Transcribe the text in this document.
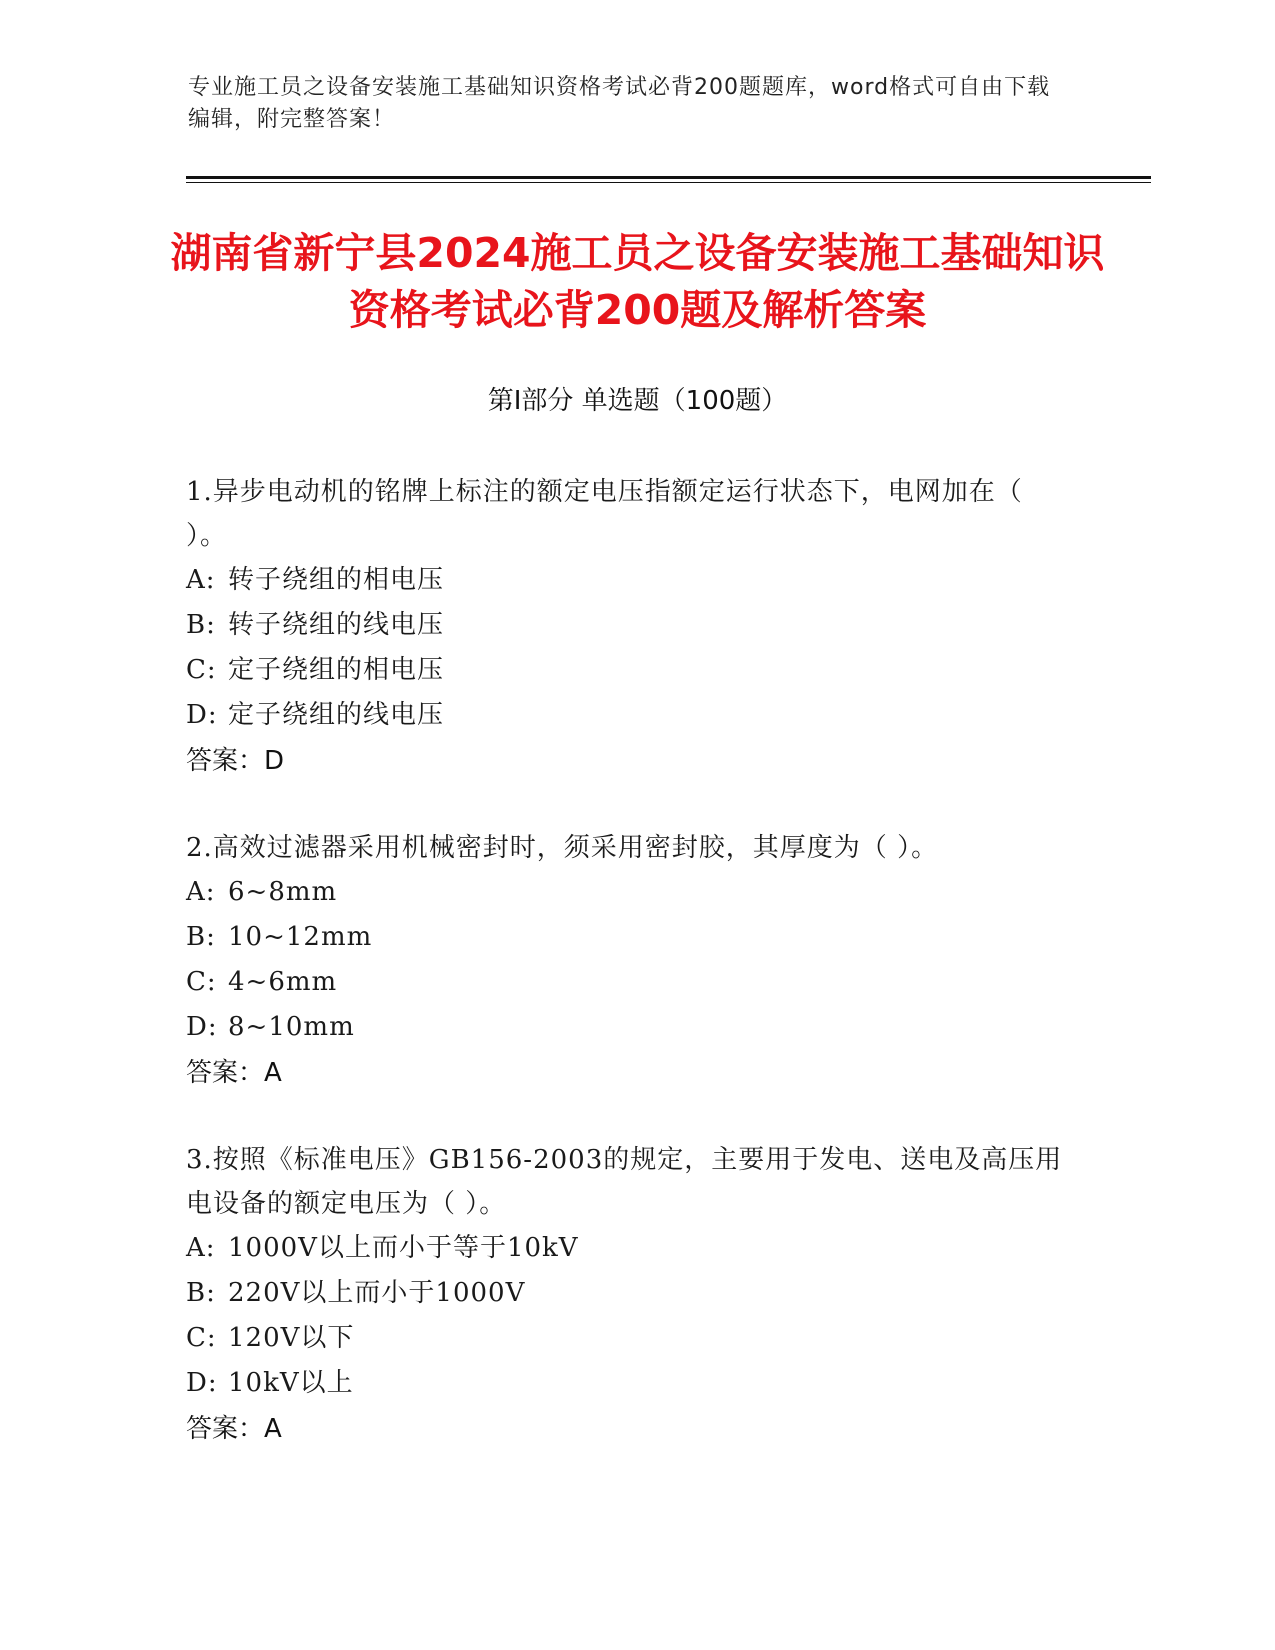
专业施工员之设备安装施工基础知识资格考试必背200题题库，word格式可自由下载编辑，附完整答案！
湖南省新宁县2024施工员之设备安装施工基础知识资格考试必背200题及解析答案
第I部分 单选题（100题）
1.异步电动机的铭牌上标注的额定电压指额定运行状态下，电网加在（ ）。
A: 转子绕组的相电压
B: 转子绕组的线电压
C: 定子绕组的相电压
D: 定子绕组的线电压
答案：D
2.高效过滤器采用机械密封时，须采用密封胶，其厚度为（ ）。
A: 6~8mm
B: 10~12mm
C: 4~6mm
D: 8~10mm
答案：A
3.按照《标准电压》GB156-2003的规定，主要用于发电、送电及高压用电设备的额定电压为（ ）。
A: 1000V以上而小于等于10kV
B: 220V以上而小于1000V
C: 120V以下
D: 10kV以上
答案：A
